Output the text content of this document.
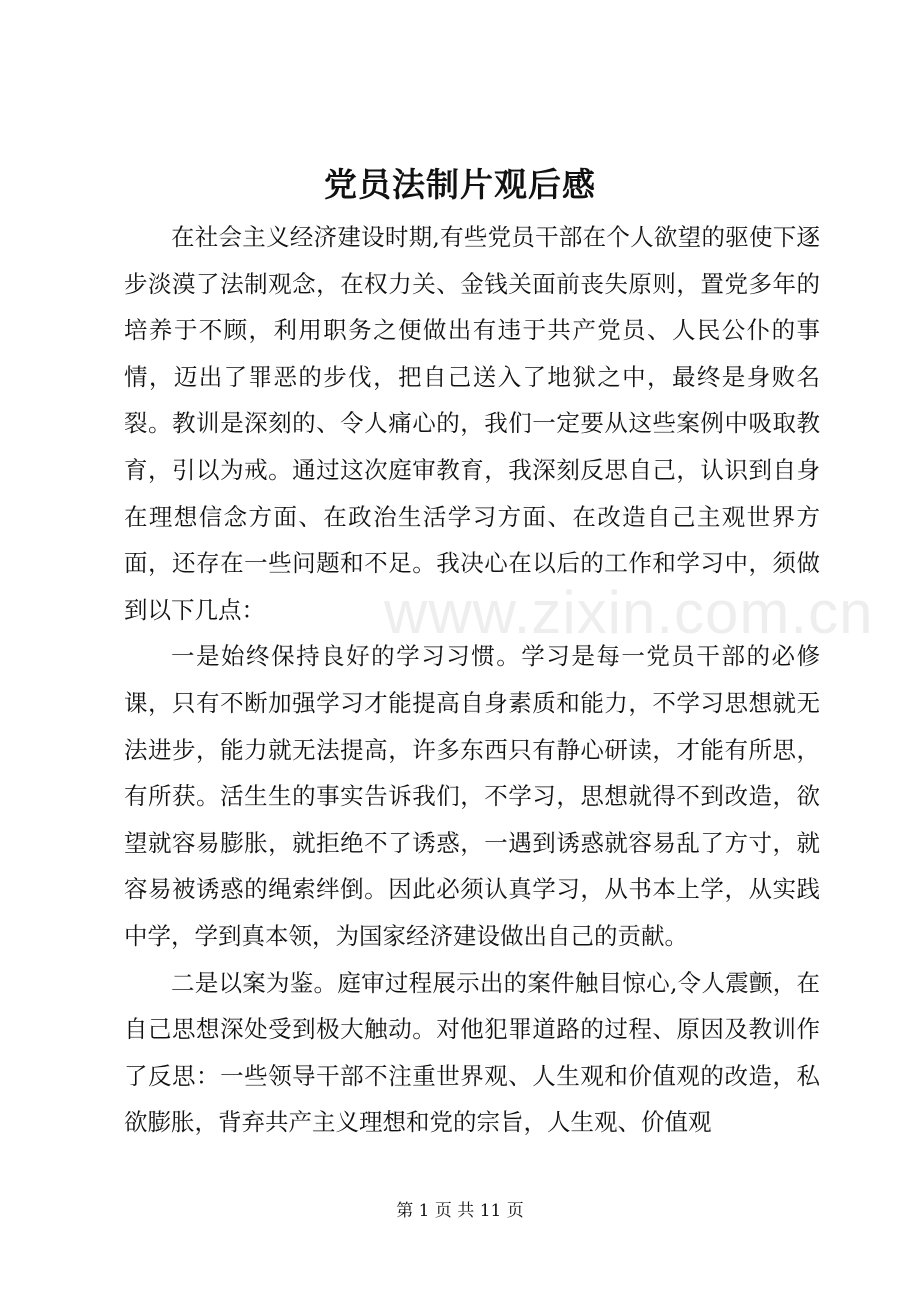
党员法制片观后感
www.zixin.com.cn

在社会主义经济建设时期,有些党员干部在个人欲望的驱使下逐步淡漠了法制观念，在权力关、金钱关面前丧失原则，置党多年的培养于不顾，利用职务之便做出有违于共产党员、人民公仆的事情，迈出了罪恶的步伐，把自己送入了地狱之中，最终是身败名裂。教训是深刻的、令人痛心的，我们一定要从这些案例中吸取教育，引以为戒。通过这次庭审教育，我深刻反思自己，认识到自身在理想信念方面、在政治生活学习方面、在改造自己主观世界方面，还存在一些问题和不足。我决心在以后的工作和学习中，须做到以下几点：

一是始终保持良好的学习习惯。学习是每一党员干部的必修课，只有不断加强学习才能提高自身素质和能力，不学习思想就无法进步，能力就无法提高，许多东西只有静心研读，才能有所思，有所获。活生生的事实告诉我们，不学习，思想就得不到改造，欲望就容易膨胀，就拒绝不了诱惑，一遇到诱惑就容易乱了方寸，就容易被诱惑的绳索绊倒。因此必须认真学习，从书本上学，从实践中学，学到真本领，为国家经济建设做出自己的贡献。

二是以案为鉴。庭审过程展示出的案件触目惊心,令人震颤，在自己思想深处受到极大触动。对他犯罪道路的过程、原因及教训作了反思：一些领导干部不注重世界观、人生观和价值观的改造，私欲膨胀，背弃共产主义理想和党的宗旨，人生观、价值观

第 1 页 共 11 页
